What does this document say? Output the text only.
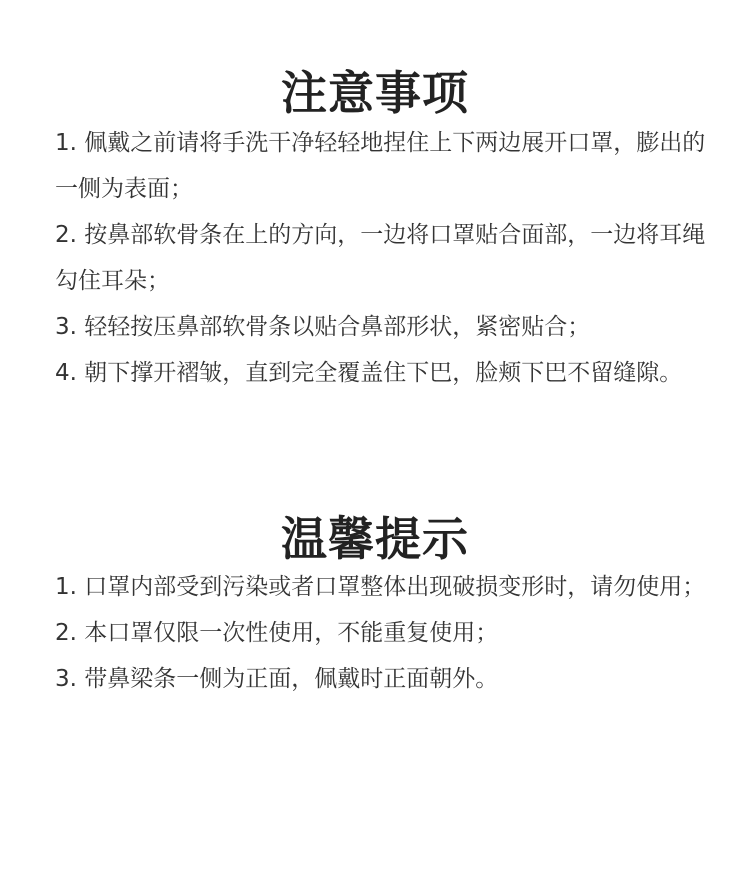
注意事项
1. 佩戴之前请将手洗干净轻轻地捏住上下两边展开口罩，膨出的一侧为表面；
2. 按鼻部软骨条在上的方向，一边将口罩贴合面部，一边将耳绳勾住耳朵；
3. 轻轻按压鼻部软骨条以贴合鼻部形状，紧密贴合；
4. 朝下撑开褶皱，直到完全覆盖住下巴，脸颊下巴不留缝隙。
温馨提示
1. 口罩内部受到污染或者口罩整体出现破损变形时，请勿使用；
2. 本口罩仅限一次性使用，不能重复使用；
3. 带鼻梁条一侧为正面，佩戴时正面朝外。
